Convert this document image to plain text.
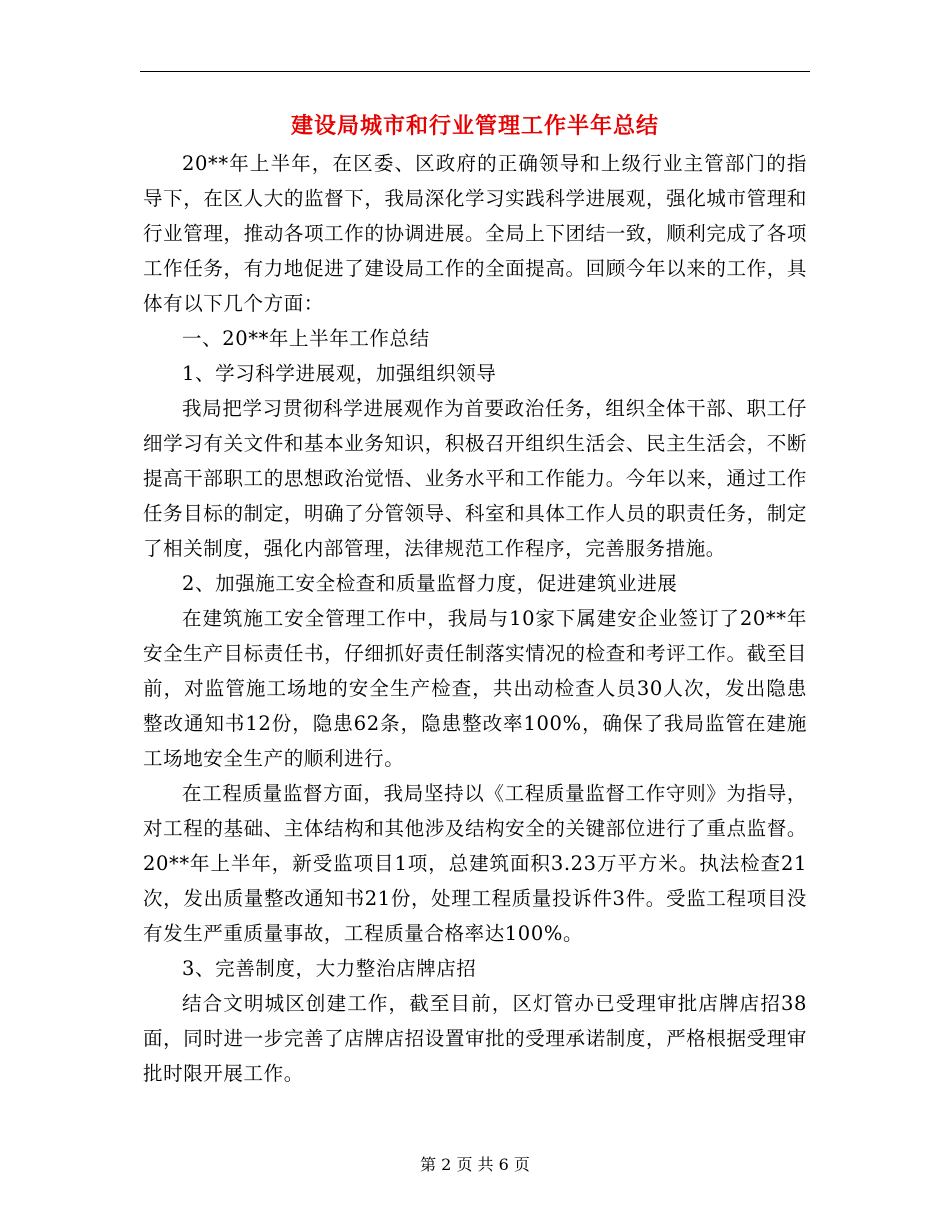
建设局城市和行业管理工作半年总结

20**年上半年，在区委、区政府的正确领导和上级行业主管部门的指导下，在区人大的监督下，我局深化学习实践科学进展观，强化城市管理和行业管理，推动各项工作的协调进展。全局上下团结一致，顺利完成了各项工作任务，有力地促进了建设局工作的全面提高。回顾今年以来的工作，具体有以下几个方面：

一、20**年上半年工作总结

1、学习科学进展观，加强组织领导

我局把学习贯彻科学进展观作为首要政治任务，组织全体干部、职工仔细学习有关文件和基本业务知识，积极召开组织生活会、民主生活会，不断提高干部职工的思想政治觉悟、业务水平和工作能力。今年以来，通过工作任务目标的制定，明确了分管领导、科室和具体工作人员的职责任务，制定了相关制度，强化内部管理，法律规范工作程序，完善服务措施。

2、加强施工安全检查和质量监督力度，促进建筑业进展

在建筑施工安全管理工作中，我局与10家下属建安企业签订了20**年安全生产目标责任书，仔细抓好责任制落实情况的检查和考评工作。截至目前，对监管施工场地的安全生产检查，共出动检查人员30人次，发出隐患整改通知书12份，隐患62条，隐患整改率100%，确保了我局监管在建施工场地安全生产的顺利进行。

在工程质量监督方面，我局坚持以《工程质量监督工作守则》为指导，对工程的基础、主体结构和其他涉及结构安全的关键部位进行了重点监督。20**年上半年，新受监项目1项，总建筑面积3.23万平方米。执法检查21次，发出质量整改通知书21份，处理工程质量投诉件3件。受监工程项目没有发生严重质量事故，工程质量合格率达100%。

3、完善制度，大力整治店牌店招

结合文明城区创建工作，截至目前，区灯管办已受理审批店牌店招38面，同时进一步完善了店牌店招设置审批的受理承诺制度，严格根据受理审批时限开展工作。

第 2 页 共 6 页
